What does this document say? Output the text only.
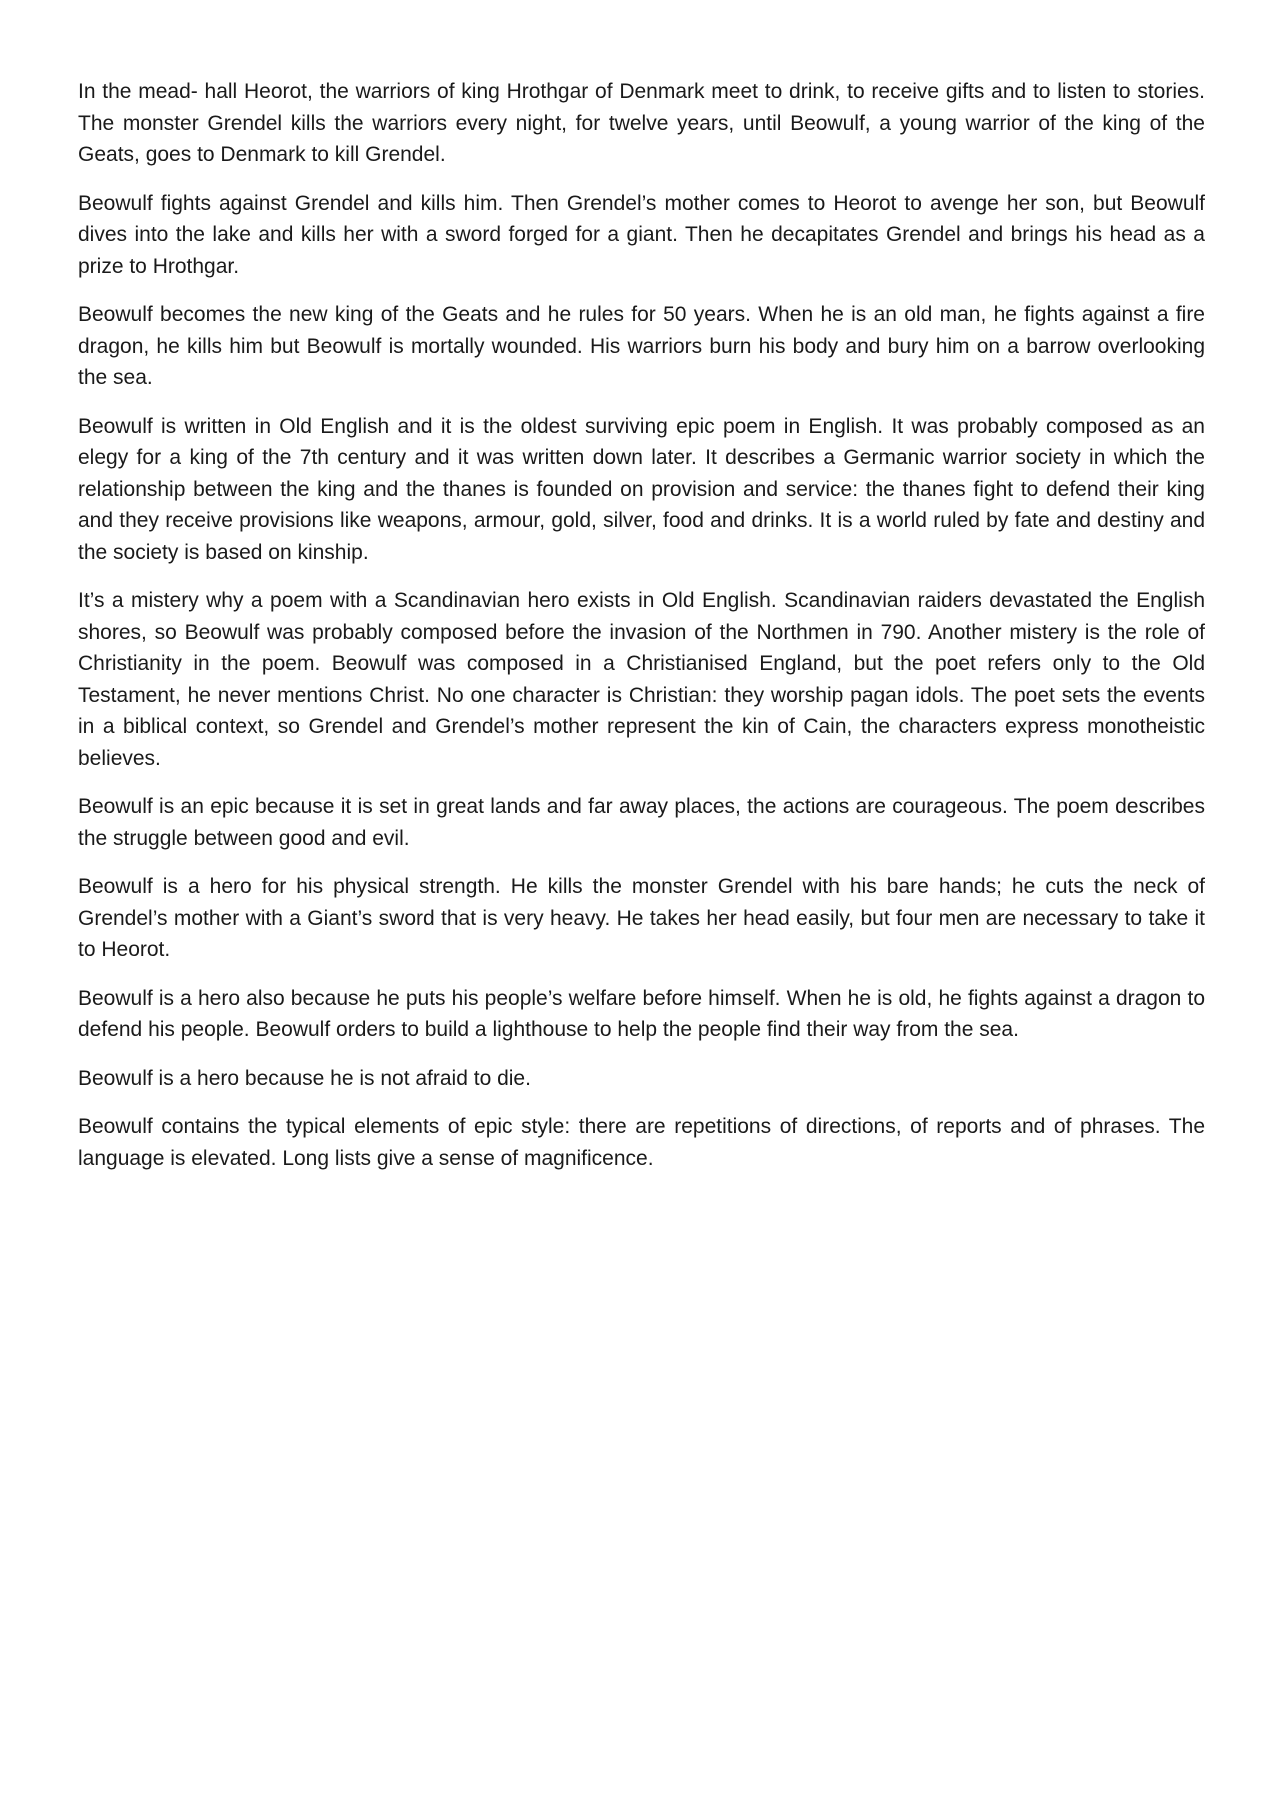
In the mead- hall Heorot, the warriors of king Hrothgar of Denmark meet to drink, to receive gifts and to listen to stories. The monster Grendel kills the warriors every night, for twelve years, until Beowulf, a young warrior of the king of the Geats, goes to Denmark to kill Grendel.

Beowulf fights against Grendel and kills him. Then Grendel’s mother comes to Heorot to avenge her son, but Beowulf dives into the lake and kills her with a sword forged for a giant. Then he decapitates Grendel and brings his head as a prize to Hrothgar.

Beowulf becomes the new king of the Geats and he rules for 50 years. When he is an old man, he fights against a fire dragon, he kills him but Beowulf is mortally wounded. His warriors burn his body and bury him on a barrow overlooking the sea.

Beowulf is written in Old English and it is the oldest surviving epic poem in English. It was probably composed as an elegy for a king of the 7th century and it was written down later. It describes a Germanic warrior society in which the relationship between the king and the thanes is founded on provision and service: the thanes fight to defend their king and they receive provisions like weapons, armour, gold, silver, food and drinks. It is a world ruled by fate and destiny and the society is based on kinship.

It’s a mistery why a poem with a Scandinavian hero exists in Old English. Scandinavian raiders devastated the English shores, so Beowulf was probably composed before the invasion of the Northmen in 790. Another mistery is the role of Christianity in the poem. Beowulf was composed in a Christianised England, but the poet refers only to the Old Testament, he never mentions Christ. No one character is Christian: they worship pagan idols. The poet sets the events in a biblical context, so Grendel and Grendel’s mother represent the kin of Cain, the characters express monotheistic believes.

Beowulf is an epic because it is set in great lands and far away places, the actions are courageous. The poem describes the struggle between good and evil.

Beowulf is a hero for his physical strength. He kills the monster Grendel with his bare hands; he cuts the neck of Grendel’s mother with a Giant’s sword that is very heavy. He takes her head easily, but four men are necessary to take it to Heorot.

Beowulf is a hero also because he puts his people’s welfare before himself. When he is old, he fights against a dragon to defend his people. Beowulf orders to build a lighthouse to help the people find their way from the sea.

Beowulf is a hero because he is not afraid to die.

Beowulf contains the typical elements of epic style: there are repetitions of directions, of reports and of phrases. The language is elevated. Long lists give a sense of magnificence.
